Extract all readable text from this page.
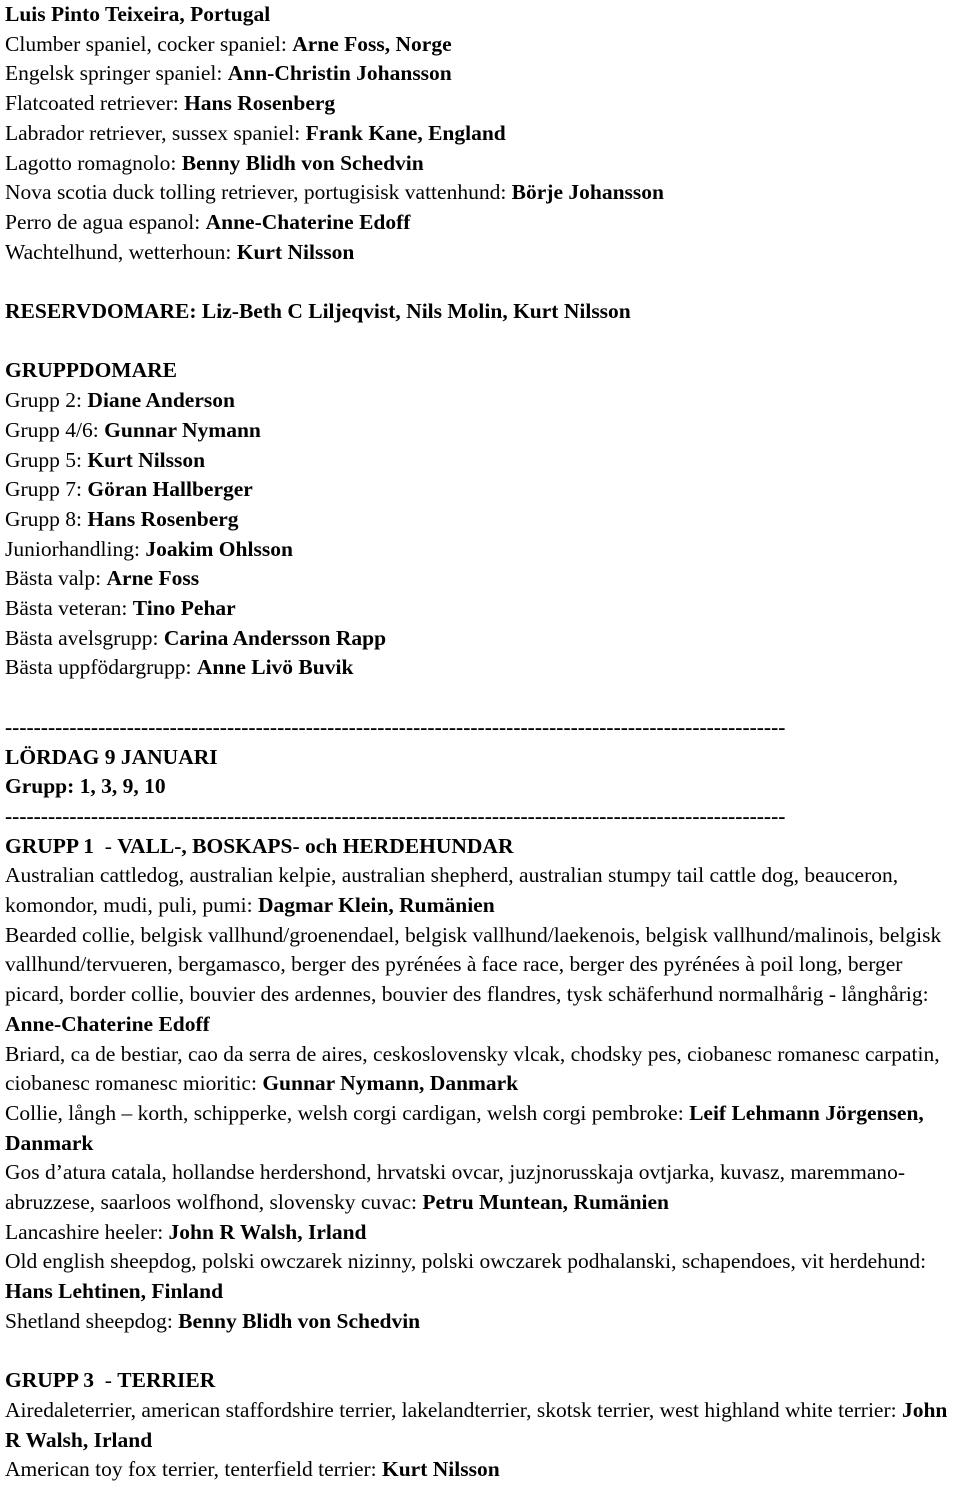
Luis Pinto Teixeira, Portugal
Clumber spaniel, cocker spaniel: Arne Foss, Norge
Engelsk springer spaniel: Ann-Christin Johansson
Flatcoated retriever: Hans Rosenberg
Labrador retriever, sussex spaniel: Frank Kane, England
Lagotto romagnolo: Benny Blidh von Schedvin
Nova scotia duck tolling retriever, portugisisk vattenhund: Börje Johansson
Perro de agua espanol: Anne-Chaterine Edoff
Wachtelhund, wetterhoun: Kurt Nilsson
RESERVDOMARE: Liz-Beth C Liljeqvist, Nils Molin, Kurt Nilsson
GRUPPDOMARE
Grupp 2: Diane Anderson
Grupp 4/6: Gunnar Nymann
Grupp 5: Kurt Nilsson
Grupp 7: Göran Hallberger
Grupp 8: Hans Rosenberg
Juniorhandling: Joakim Ohlsson
Bästa valp: Arne Foss
Bästa veteran: Tino Pehar
Bästa avelsgrupp: Carina Andersson Rapp
Bästa uppfödargrupp: Anne Livö Buvik
-------------------------------------------------------------------------------------------------------------
LÖRDAG 9 JANUARI
Grupp: 1, 3, 9, 10
-------------------------------------------------------------------------------------------------------------
GRUPP 1  - VALL-, BOSKAPS- och HERDEHUNDAR
Australian cattledog, australian kelpie, australian shepherd, australian stumpy tail cattle dog, beauceron, komondor, mudi, puli, pumi: Dagmar Klein, Rumänien
Bearded collie, belgisk vallhund/groenendael, belgisk vallhund/laekenois, belgisk vallhund/malinois, belgisk vallhund/tervueren, bergamasco, berger des pyrénées à face race, berger des pyrénées à poil long, berger picard, border collie, bouvier des ardennes, bouvier des flandres, tysk schäferhund normalhårig - långhårig: Anne-Chaterine Edoff
Briard, ca de bestiar, cao da serra de aires, ceskoslovensky vlcak, chodsky pes, ciobanesc romanesc carpatin, ciobanesc romanesc mioritic: Gunnar Nymann, Danmark
Collie, långh – korth, schipperke, welsh corgi cardigan, welsh corgi pembroke: Leif Lehmann Jörgensen, Danmark
Gos d’atura catala, hollandse herdershond, hrvatski ovcar, juzjnorusskaja ovtjarka, kuvasz, maremmano-abruzzese, saarloos wolfhond, slovensky cuvac: Petru Muntean, Rumänien
Lancashire heeler: John R Walsh, Irland
Old english sheepdog, polski owczarek nizinny, polski owczarek podhalanski, schapendoes, vit herdehund: Hans Lehtinen, Finland
Shetland sheepdog: Benny Blidh von Schedvin
GRUPP 3  - TERRIER
Airedaleterrier, american staffordshire terrier, lakelandterrier, skotsk terrier, west highland white terrier: John R Walsh, Irland
American toy fox terrier, tenterfield terrier: Kurt Nilsson
